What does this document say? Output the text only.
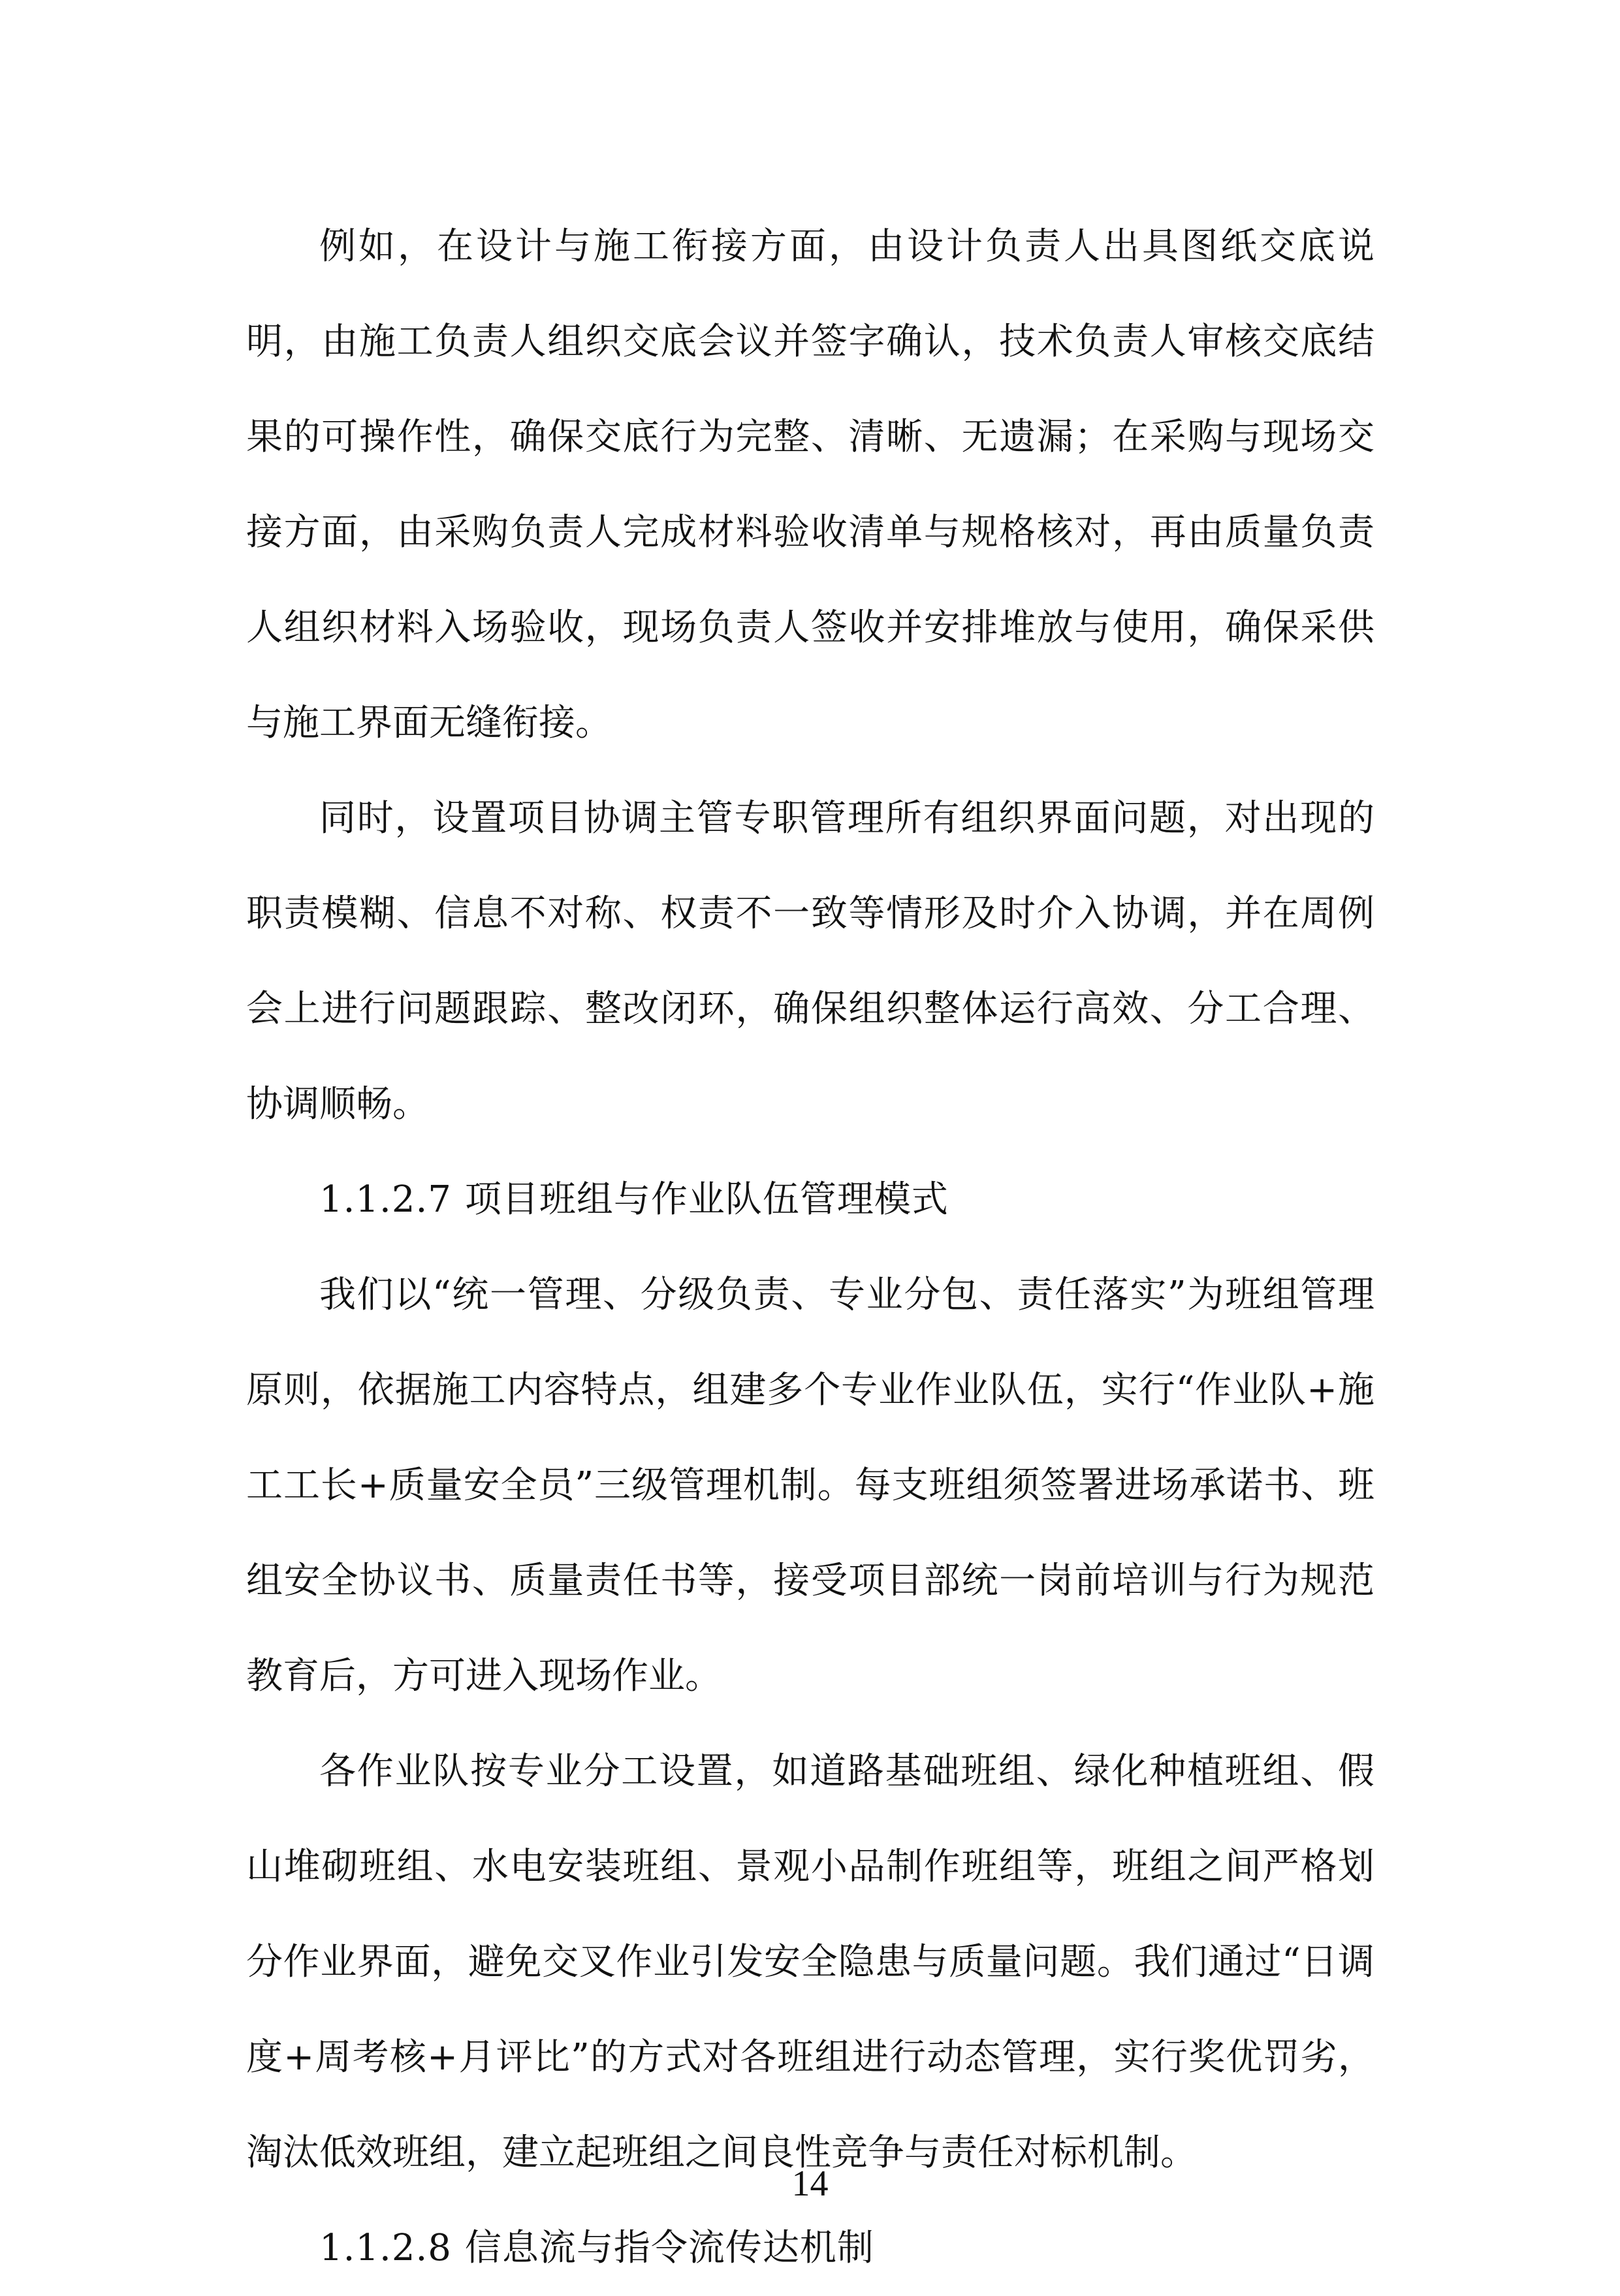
例如，在设计与施工衔接方面，由设计负责人出具图纸交底说明，由施工负责人组织交底会议并签字确认，技术负责人审核交底结果的可操作性，确保交底行为完整、清晰、无遗漏；在采购与现场交接方面，由采购负责人完成材料验收清单与规格核对，再由质量负责人组织材料入场验收，现场负责人签收并安排堆放与使用，确保采供与施工界面无缝衔接。

同时，设置项目协调主管专职管理所有组织界面问题，对出现的职责模糊、信息不对称、权责不一致等情形及时介入协调，并在周例会上进行问题跟踪、整改闭环，确保组织整体运行高效、分工合理、协调顺畅。

1.1.2.7 项目班组与作业队伍管理模式

我们以“统一管理、分级负责、专业分包、责任落实”为班组管理原则，依据施工内容特点，组建多个专业作业队伍，实行“作业队+施工工长+质量安全员”三级管理机制。每支班组须签署进场承诺书、班组安全协议书、质量责任书等，接受项目部统一岗前培训与行为规范教育后，方可进入现场作业。

各作业队按专业分工设置，如道路基础班组、绿化种植班组、假山堆砌班组、水电安装班组、景观小品制作班组等，班组之间严格划分作业界面，避免交叉作业引发安全隐患与质量问题。我们通过“日调度+周考核+月评比”的方式对各班组进行动态管理，实行奖优罚劣，淘汰低效班组，建立起班组之间良性竞争与责任对标机制。

1.1.2.8 信息流与指令流传达机制

14
